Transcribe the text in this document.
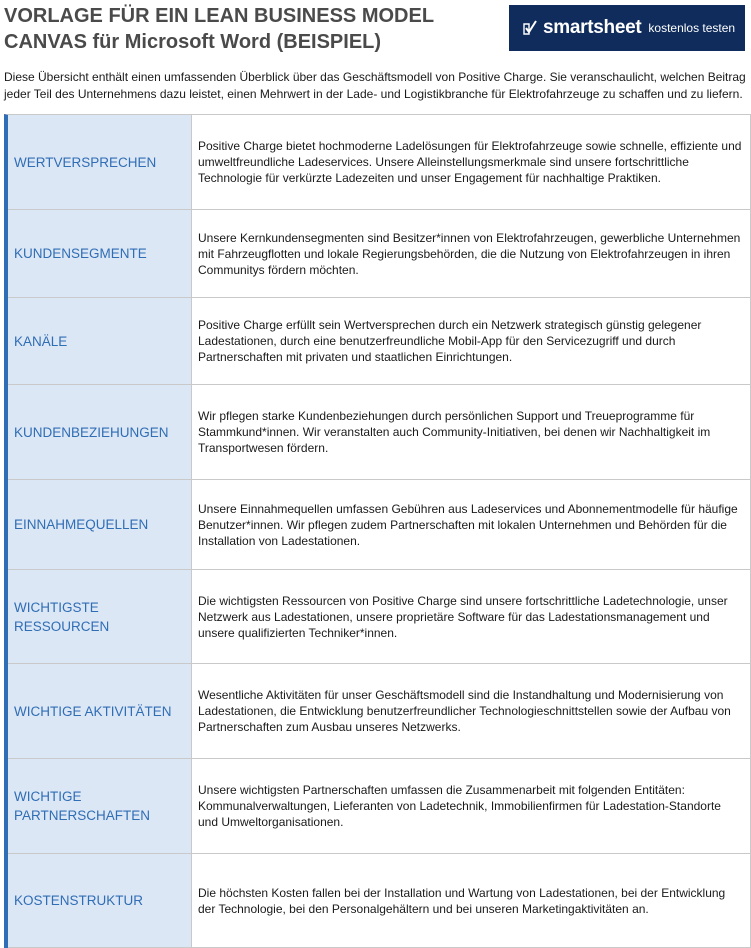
VORLAGE FÜR EIN LEAN BUSINESS MODEL
CANVAS für Microsoft Word (BEISPIEL)

smartsheet kostenlos testen

Diese Übersicht enthält einen umfassenden Überblick über das Geschäftsmodell von Positive Charge. Sie veranschaulicht, welchen Beitrag jeder Teil des Unternehmens dazu leistet, einen Mehrwert in der Lade- und Logistikbranche für Elektrofahrzeuge zu schaffen und zu liefern.

WERTVERSPRECHEN

Positive Charge bietet hochmoderne Ladelösungen für Elektrofahrzeuge sowie schnelle, effiziente und umweltfreundliche Ladeservices. Unsere Alleinstellungsmerkmale sind unsere fortschrittliche Technologie für verkürzte Ladezeiten und unser Engagement für nachhaltige Praktiken.

KUNDENSEGMENTE

Unsere Kernkundensegmenten sind Besitzer*innen von Elektrofahrzeugen, gewerbliche Unternehmen mit Fahrzeugflotten und lokale Regierungsbehörden, die die Nutzung von Elektrofahrzeugen in ihren Communitys fördern möchten.

KANÄLE

Positive Charge erfüllt sein Wertversprechen durch ein Netzwerk strategisch günstig gelegener Ladestationen, durch eine benutzerfreundliche Mobil-App für den Servicezugriff und durch Partnerschaften mit privaten und staatlichen Einrichtungen.

KUNDENBEZIEHUNGEN

Wir pflegen starke Kundenbeziehungen durch persönlichen Support und Treueprogramme für Stammkund*innen. Wir veranstalten auch Community-Initiativen, bei denen wir Nachhaltigkeit im Transportwesen fördern.

EINNAHMEQUELLEN

Unsere Einnahmequellen umfassen Gebühren aus Ladeservices und Abonnementmodelle für häufige Benutzer*innen. Wir pflegen zudem Partnerschaften mit lokalen Unternehmen und Behörden für die Installation von Ladestationen.

WICHTIGSTE RESSOURCEN

Die wichtigsten Ressourcen von Positive Charge sind unsere fortschrittliche Ladetechnologie, unser Netzwerk aus Ladestationen, unsere proprietäre Software für das Ladestationsmanagement und unsere qualifizierten Techniker*innen.

WICHTIGE AKTIVITÄTEN

Wesentliche Aktivitäten für unser Geschäftsmodell sind die Instandhaltung und Modernisierung von Ladestationen, die Entwicklung benutzerfreundlicher Technologieschnittstellen sowie der Aufbau von Partnerschaften zum Ausbau unseres Netzwerks.

WICHTIGE PARTNERSCHAFTEN

Unsere wichtigsten Partnerschaften umfassen die Zusammenarbeit mit folgenden Entitäten: Kommunalverwaltungen, Lieferanten von Ladetechnik, Immobilienfirmen für Ladestation-Standorte und Umweltorganisationen.

KOSTENSTRUKTUR

Die höchsten Kosten fallen bei der Installation und Wartung von Ladestationen, bei der Entwicklung der Technologie, bei den Personalgehältern und bei unseren Marketingaktivitäten an.
